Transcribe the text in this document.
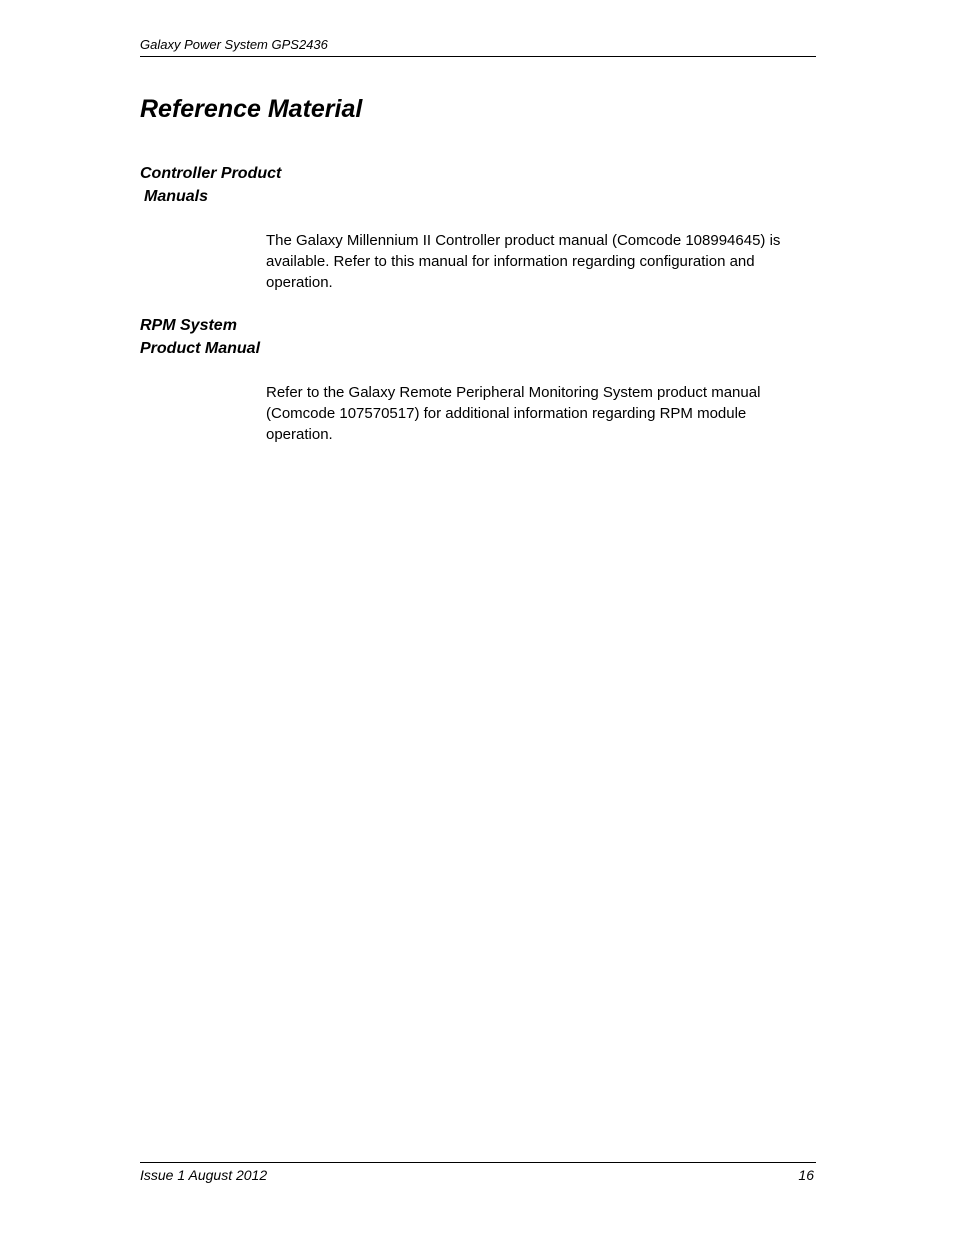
Galaxy Power System GPS2436
Reference Material
Controller Product
Manuals

The Galaxy Millennium II Controller product manual (Comcode 108994645) is available. Refer to this manual for information regarding configuration and operation.

RPM System
Product Manual

Refer to the Galaxy Remote Peripheral Monitoring System product manual (Comcode 107570517) for additional information regarding RPM module operation.

Issue 1 August 2012	16
